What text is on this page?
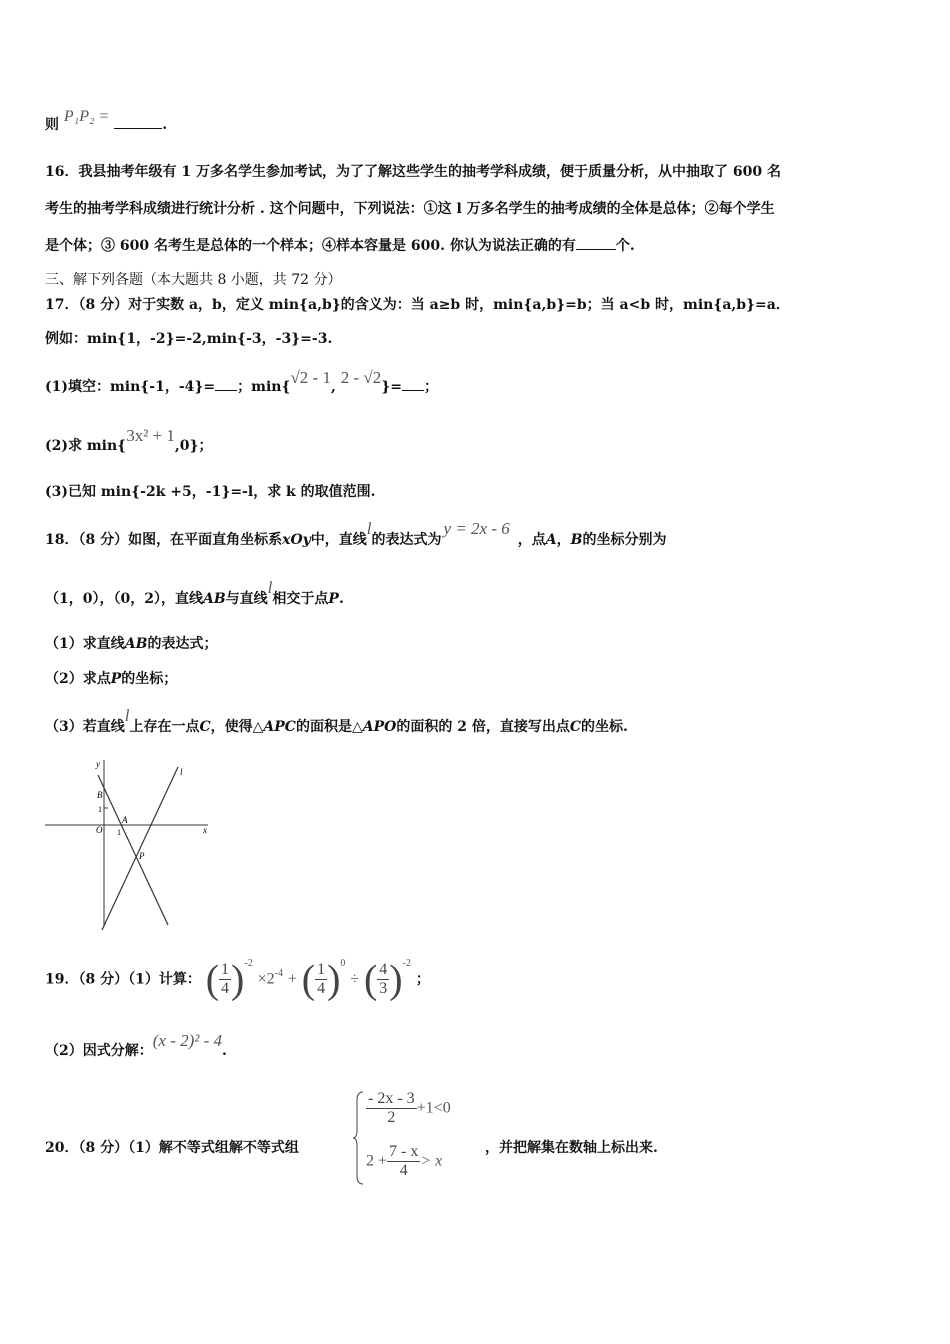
则 P₁P₂ =	.
16．我县抽考年级有 1 万多名学生参加考试，为了了解这些学生的抽考学科成绩，便于质量分析，从中抽取了 600 名
考生的抽考学科成绩进行统计分析 . 这个问题中，下列说法：①这 l 万多名学生的抽考成绩的全体是总体；②每个学生
是个体；③ 600 名考生是总体的一个样本；④样本容量是 600. 你认为说法正确的有	个.
三、解下列各题（本大题共 8 小题，共 72 分）
17．（8 分）对于实数 a，b，定义 min{a,b}的含义为：当 a≥b 时，min{a,b}=b；当 a<b 时，min{a,b}=a．
例如：min{1，-2}=-2,min{-3，-3}=-3.
(1)填空：min{-1，-4}= ；min{√2 - 1, 2 - √2}= ；
(2)求 min{3x² + 1,0}；
(3)已知 min{-2k +5，-1}=-l，求 k 的取值范围.
18．（8 分）如图，在平面直角坐标系xOy中，直线l的表达式为y = 2x - 6，点A，B的坐标分别为
（1，0），（0，2），直线AB与直线l相交于点P.
（1）求直线AB的表达式；
（2）求点P的坐标；
（3）若直线l上存在一点C，使得△APC的面积是△APO的面积的 2 倍，直接写出点C的坐标.
y
x
l
B
1
O
A
1
P
19．（8 分）（1）计算： ( $\frac{1}{4} )^{-2} \times 2^{-4}$ + ( $\frac{1}{4} )^0$ ÷ ( $\frac{4}{3} )^{-2}$ ；
（2）因式分解：(x - 2)² - 4.
20．（8 分）（1）解不等式组解不等式组
$\frac{- 2x - 3}{2} +1<0$
$2 + \frac{7 - x}{4} > x$
，并把解集在数轴上标出来.
